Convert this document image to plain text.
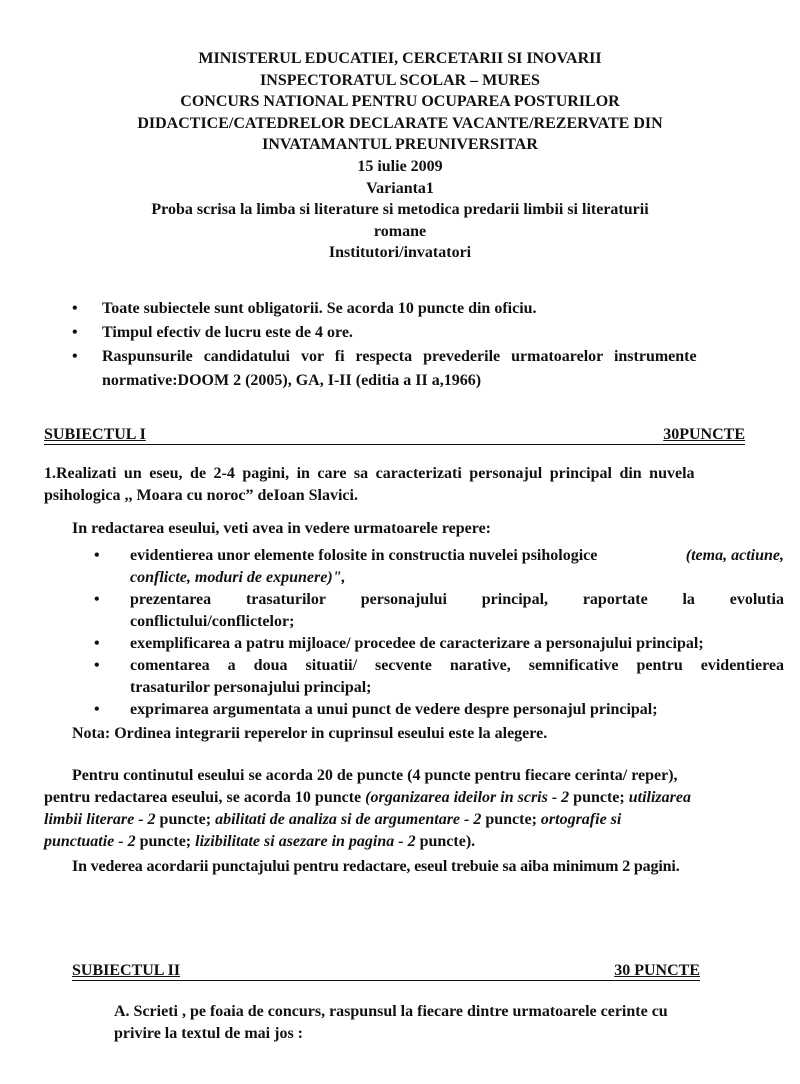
MINISTERUL EDUCATIEI, CERCETARII SI INOVARII
INSPECTORATUL SCOLAR – MURES
CONCURS NATIONAL PENTRU OCUPAREA POSTURILOR
DIDACTICE/CATEDRELOR DECLARATE VACANTE/REZERVATE DIN
INVATAMANTUL PREUNIVERSITAR
15 iulie 2009
Varianta1
Proba scrisa la limba si literature si metodica predarii limbii si literaturii
romane
Institutori/invatatori
• Toate subiectele sunt obligatorii. Se acorda 10 puncte din oficiu.
• Timpul efectiv de lucru este de 4 ore.
• Raspunsurile candidatului vor fi respecta prevederile urmatoarelor instrumente
normative:DOOM 2 (2005), GA, I-II (editia a II a,1966)
SUBIECTUL I	30PUNCTE
1.Realizati un eseu, de 2-4 pagini, in care sa caracterizati personajul principal din nuvela
psihologica ,, Moara cu noroc” deIoan Slavici.
In redactarea eseului, veti avea in vedere urmatoarele repere:
• evidentierea unor elemente folosite in constructia nuvelei psihologice	(tema, actiune,
conflicte, moduri de expunere)",
• prezentarea trasaturilor personajului principal, raportate la evolutia
conflictului/conflictelor;
• exemplificarea a patru mijloace/ procedee de caracterizare a personajului principal;
• comentarea a doua situatii/ secvente narative, semnificative pentru evidentierea
trasaturilor personajului principal;
• exprimarea argumentata a unui punct de vedere despre personajul principal;
Nota: Ordinea integrarii reperelor in cuprinsul eseului este la alegere.
Pentru continutul eseului se acorda 20 de puncte (4 puncte pentru fiecare cerinta/ reper),
pentru redactarea eseului, se acorda 10 puncte (organizarea ideilor in scris - 2 puncte; utilizarea
limbii literare - 2 puncte; abilitati de analiza si de argumentare - 2 puncte; ortografie si
punctuatie - 2 puncte; lizibilitate si asezare in pagina - 2 puncte).
In vederea acordarii punctajului pentru redactare, eseul trebuie sa aiba minimum 2 pagini.
SUBIECTUL II	30 PUNCTE
A. Scrieti , pe foaia de concurs, raspunsul la fiecare dintre urmatoarele cerinte cu
privire la textul de mai jos :
